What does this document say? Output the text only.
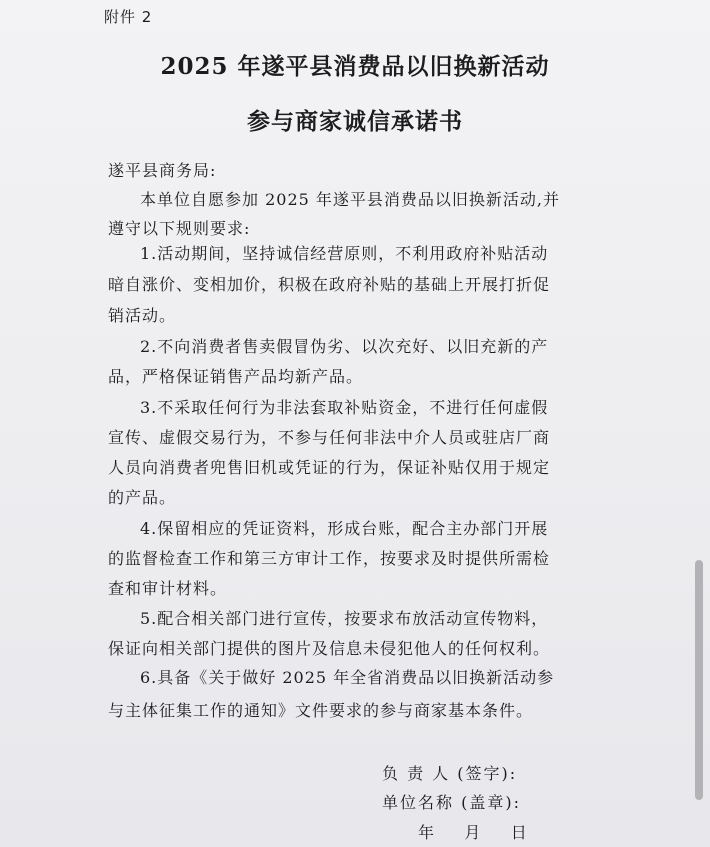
附件 2
2025 年遂平县消费品以旧换新活动
参与商家诚信承诺书
遂平县商务局:
本单位自愿参加 2025 年遂平县消费品以旧换新活动,并
遵守以下规则要求:
1.活动期间，坚持诚信经营原则，不利用政府补贴活动
暗自涨价、变相加价，积极在政府补贴的基础上开展打折促
销活动。
2.不向消费者售卖假冒伪劣、以次充好、以旧充新的产
品，严格保证销售产品均新产品。
3.不采取任何行为非法套取补贴资金，不进行任何虚假
宣传、虚假交易行为，不参与任何非法中介人员或驻店厂商
人员向消费者兜售旧机或凭证的行为，保证补贴仅用于规定
的产品。
4.保留相应的凭证资料，形成台账，配合主办部门开展
的监督检查工作和第三方审计工作，按要求及时提供所需检
查和审计材料。
5.配合相关部门进行宣传，按要求布放活动宣传物料，
保证向相关部门提供的图片及信息未侵犯他人的任何权利。
6.具备《关于做好 2025 年全省消费品以旧换新活动参
与主体征集工作的通知》文件要求的参与商家基本条件。
负 责 人 (签字):
单位名称 (盖章):
年    月    日
